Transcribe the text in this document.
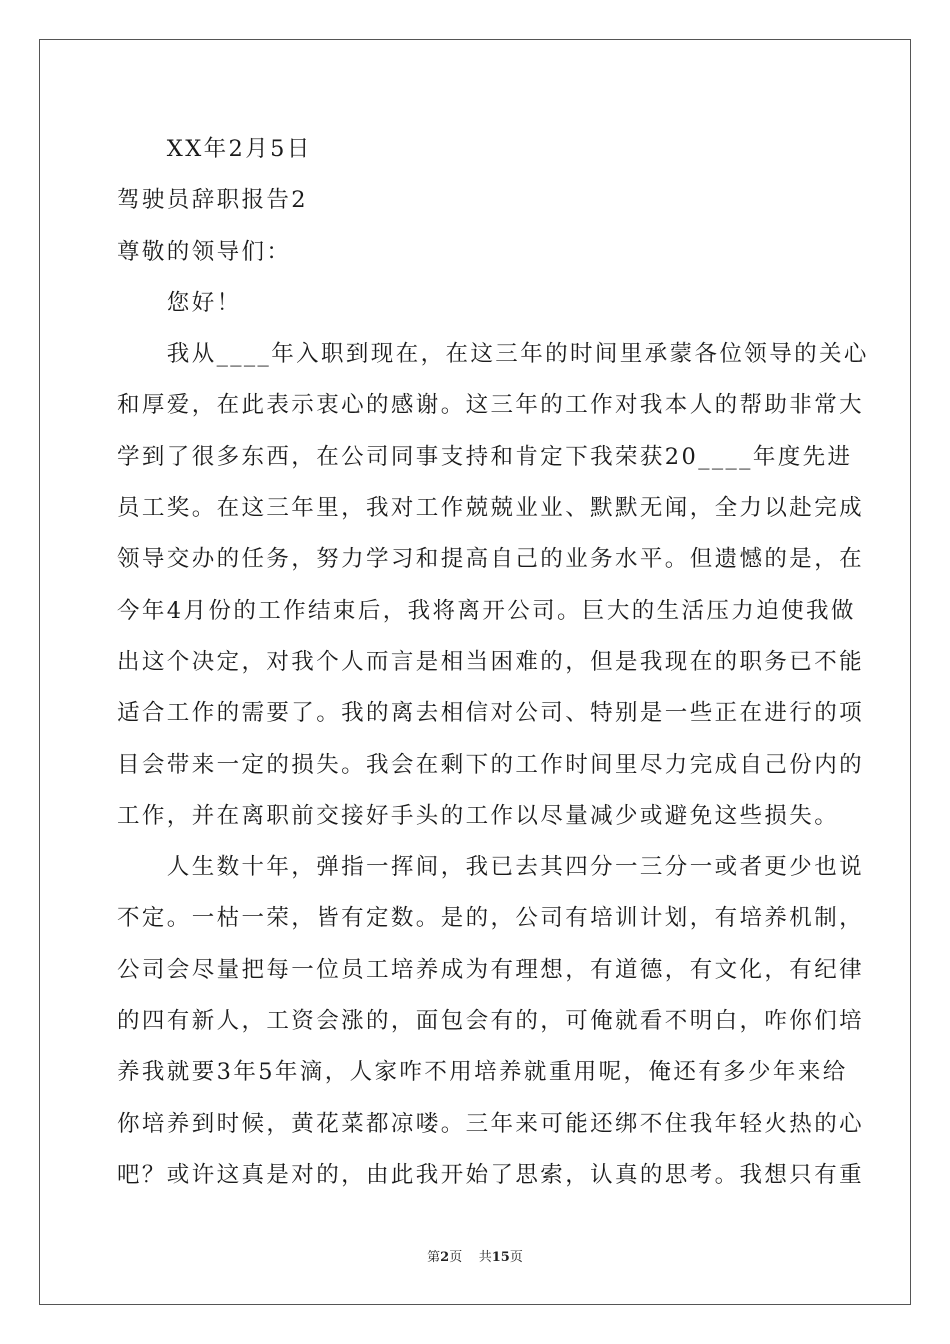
　　XX年2月5日
驾驶员辞职报告2
尊敬的领导们：
　　您好！
　　我从____年入职到现在，在这三年的时间里承蒙各位领导的关心
和厚爱，在此表示衷心的感谢。这三年的工作对我本人的帮助非常大
学到了很多东西，在公司同事支持和肯定下我荣获20____年度先进
员工奖。在这三年里，我对工作兢兢业业、默默无闻，全力以赴完成
领导交办的任务，努力学习和提高自己的业务水平。但遗憾的是，在
今年4月份的工作结束后，我将离开公司。巨大的生活压力迫使我做
出这个决定，对我个人而言是相当困难的，但是我现在的职务已不能
适合工作的需要了。我的离去相信对公司、特别是一些正在进行的项
目会带来一定的损失。我会在剩下的工作时间里尽力完成自己份内的
工作，并在离职前交接好手头的工作以尽量减少或避免这些损失。
　　人生数十年，弹指一挥间，我已去其四分一三分一或者更少也说
不定。一枯一荣，皆有定数。是的，公司有培训计划，有培养机制，
公司会尽量把每一位员工培养成为有理想，有道德，有文化，有纪律
的四有新人，工资会涨的，面包会有的，可俺就看不明白，咋你们培
养我就要3年5年滴，人家咋不用培养就重用呢，俺还有多少年来给
你培养到时候，黄花菜都凉喽。三年来可能还绑不住我年轻火热的心
吧？或许这真是对的，由此我开始了思索，认真的思考。我想只有重
第2页 共15页
